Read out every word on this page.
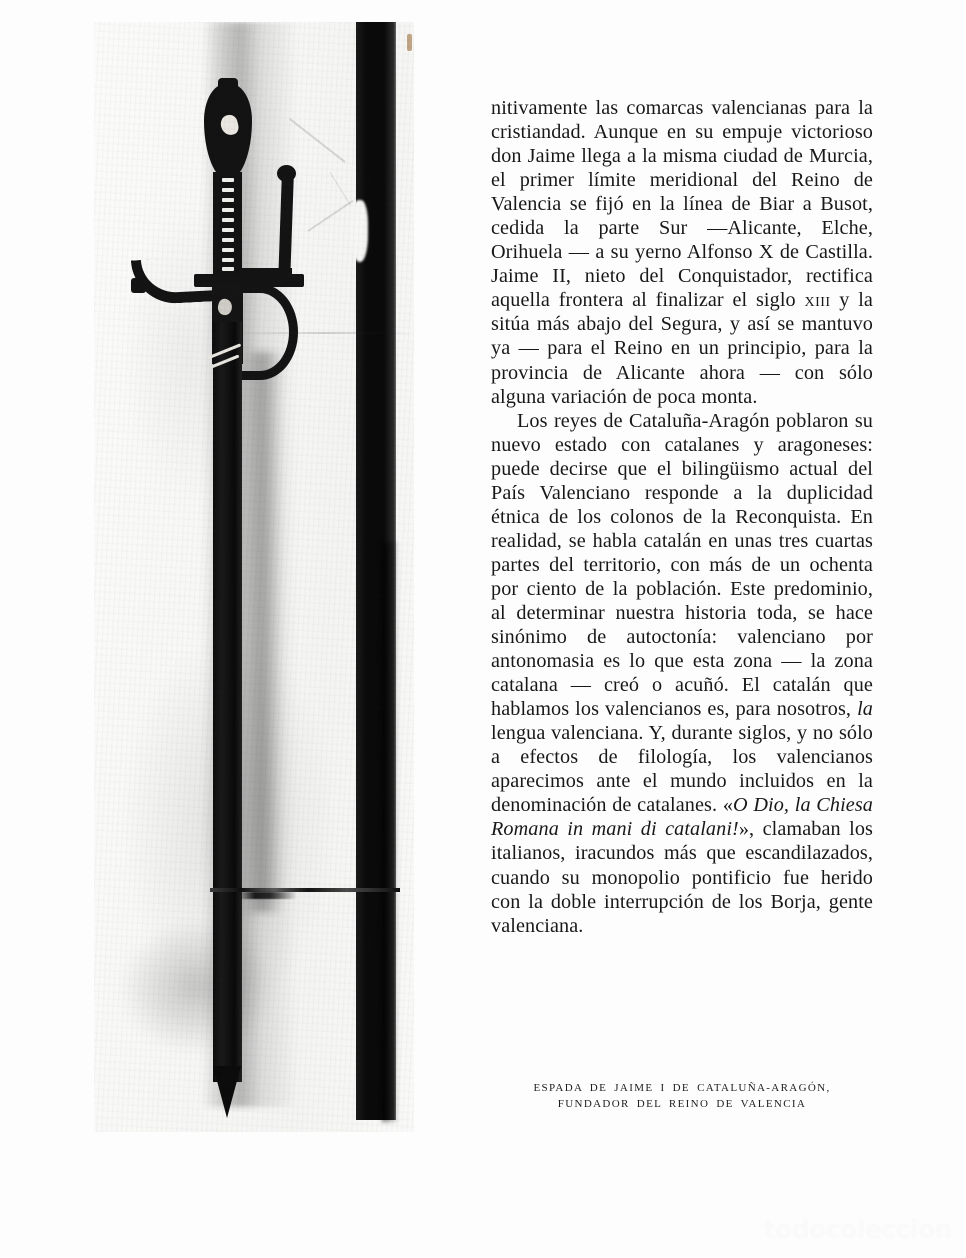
nitivamente las comarcas valencianas para la cristiandad. Aunque en su empuje victorioso don Jaime llega a la misma ciudad de Murcia, el primer límite meridional del Reino de Valencia se fijó en la línea de Biar a Busot, cedida la parte Sur —Alicante, Elche, Orihuela — a su yerno Alfonso X de Castilla. Jaime II, nieto del Conquistador, rectifica aquella frontera al finalizar el siglo xiii y la sitúa más abajo del Segura, y así se mantuvo ya — para el Reino en un principio, para la provincia de Alicante ahora — con sólo alguna variación de poca monta.

Los reyes de Cataluña-Aragón poblaron su nuevo estado con catalanes y aragoneses: puede decirse que el bilingüismo actual del País Valenciano responde a la duplicidad étnica de los colonos de la Reconquista. En realidad, se habla catalán en unas tres cuartas partes del territorio, con más de un ochenta por ciento de la población. Este predominio, al determinar nuestra historia toda, se hace sinónimo de autoctonía: valenciano por antonomasia es lo que esta zona — la zona catalana — creó o acuñó. El catalán que hablamos los valencianos es, para nosotros, la lengua valenciana. Y, durante siglos, y no sólo a efectos de filología, los valencianos aparecimos ante el mundo incluidos en la denominación de catalanes. «O Dio, la Chiesa Romana in mani di catalani!», clamaban los italianos, iracundos más que escandilazados, cuando su monopolio pontificio fue herido con la doble interrupción de los Borja, gente valenciana.

ESPADA DE JAIME I DE CATALUÑA-ARAGÓN,
FUNDADOR DEL REINO DE VALENCIA
todocoleccion
